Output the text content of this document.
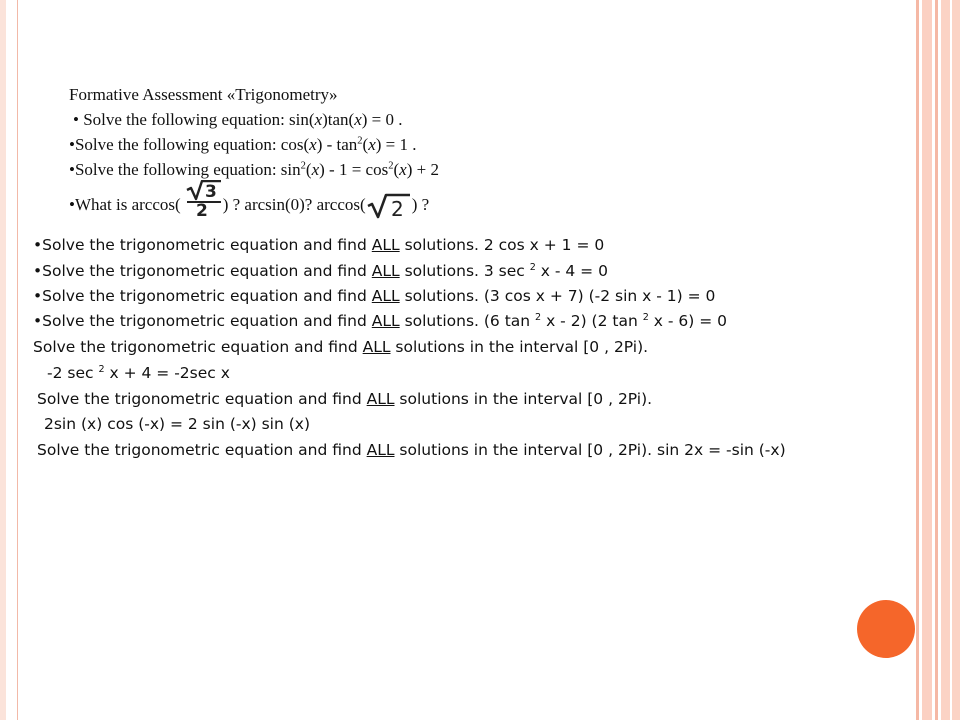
Formative Assessment «Trigonometry»
• Solve the following equation: sin(x)tan(x) = 0 .
•Solve the following equation: $\cos(x) - \tan^2(x) = 1$ .
•Solve the following equation: $\sin^2(x) - 1 = \cos^2(x) + 2$
•What is arccos(
3
2 ) ? arcsin(0)? arccos( 2 ) ?
•Solve the trigonometric equation and find ALL solutions. 2 cos x + 1 = 0
•Solve the trigonometric equation and find ALL solutions. 3 sec $^2$ x - 4 = 0
•Solve the trigonometric equation and find ALL solutions. (3 cos x + 7) (-2 sin x - 1) = 0
•Solve the trigonometric equation and find ALL solutions. (6 tan $^2$ x - 2) (2 tan $^2$ x - 6) = 0
Solve the trigonometric equation and find ALL solutions in the interval [0 , 2Pi).
-2 sec $^2$ x + 4 = -2sec x
Solve the trigonometric equation and find ALL solutions in the interval [0 , 2Pi).
2sin (x) cos (-x) = 2 sin (-x) sin (x)
Solve the trigonometric equation and find ALL solutions in the interval [0 , 2Pi). sin 2x = -sin (-x)
